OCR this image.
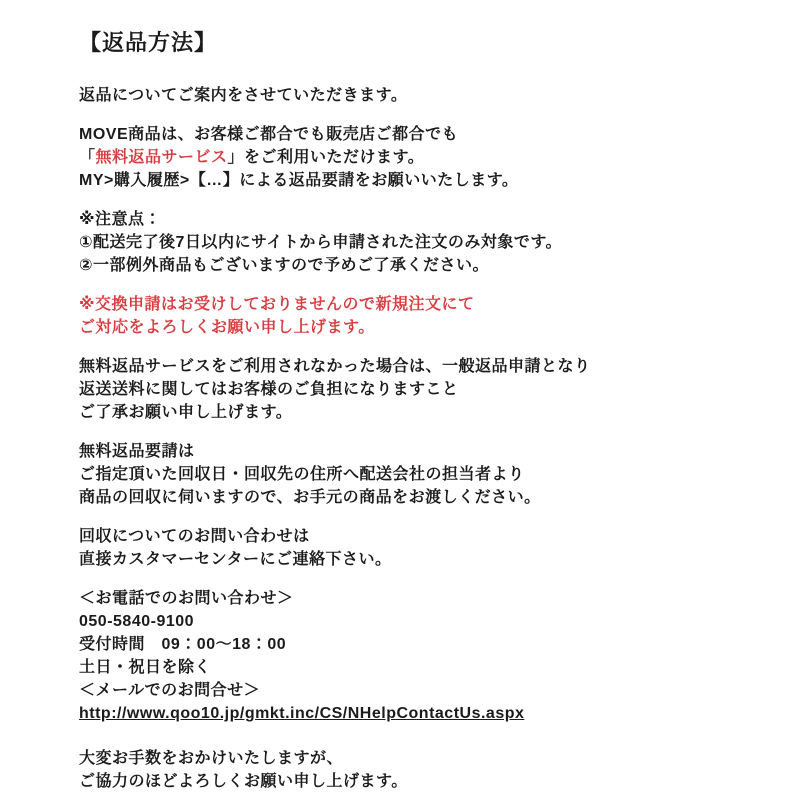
【返品方法】
返品についてご案内をさせていただきます。
MOVE商品は、お客様ご都合でも販売店ご都合でも
「無料返品サービス」をご利用いただけます。
MY>購入履歴>【…】による返品要請をお願いいたします。
※注意点：
①配送完了後7日以内にサイトから申請された注文のみ対象です。
②一部例外商品もございますので予めご了承ください。
※交換申請はお受けしておりませんので新規注文にて
ご対応をよろしくお願い申し上げます。
無料返品サービスをご利用されなかった場合は、一般返品申請となり
返送送料に関してはお客様のご負担になりますこと
ご了承お願い申し上げます。
無料返品要請は
ご指定頂いた回収日・回収先の住所へ配送会社の担当者より
商品の回収に伺いますので、お手元の商品をお渡しください。
回収についてのお問い合わせは
直接カスタマーセンターにご連絡下さい。
＜お電話でのお問い合わせ＞
050-5840-9100
受付時間　09：00〜18：00
土日・祝日を除く
＜メールでのお問合せ＞
http://www.qoo10.jp/gmkt.inc/CS/NHelpContactUs.aspx
大変お手数をおかけいたしますが、
ご協力のほどよろしくお願い申し上げます。
